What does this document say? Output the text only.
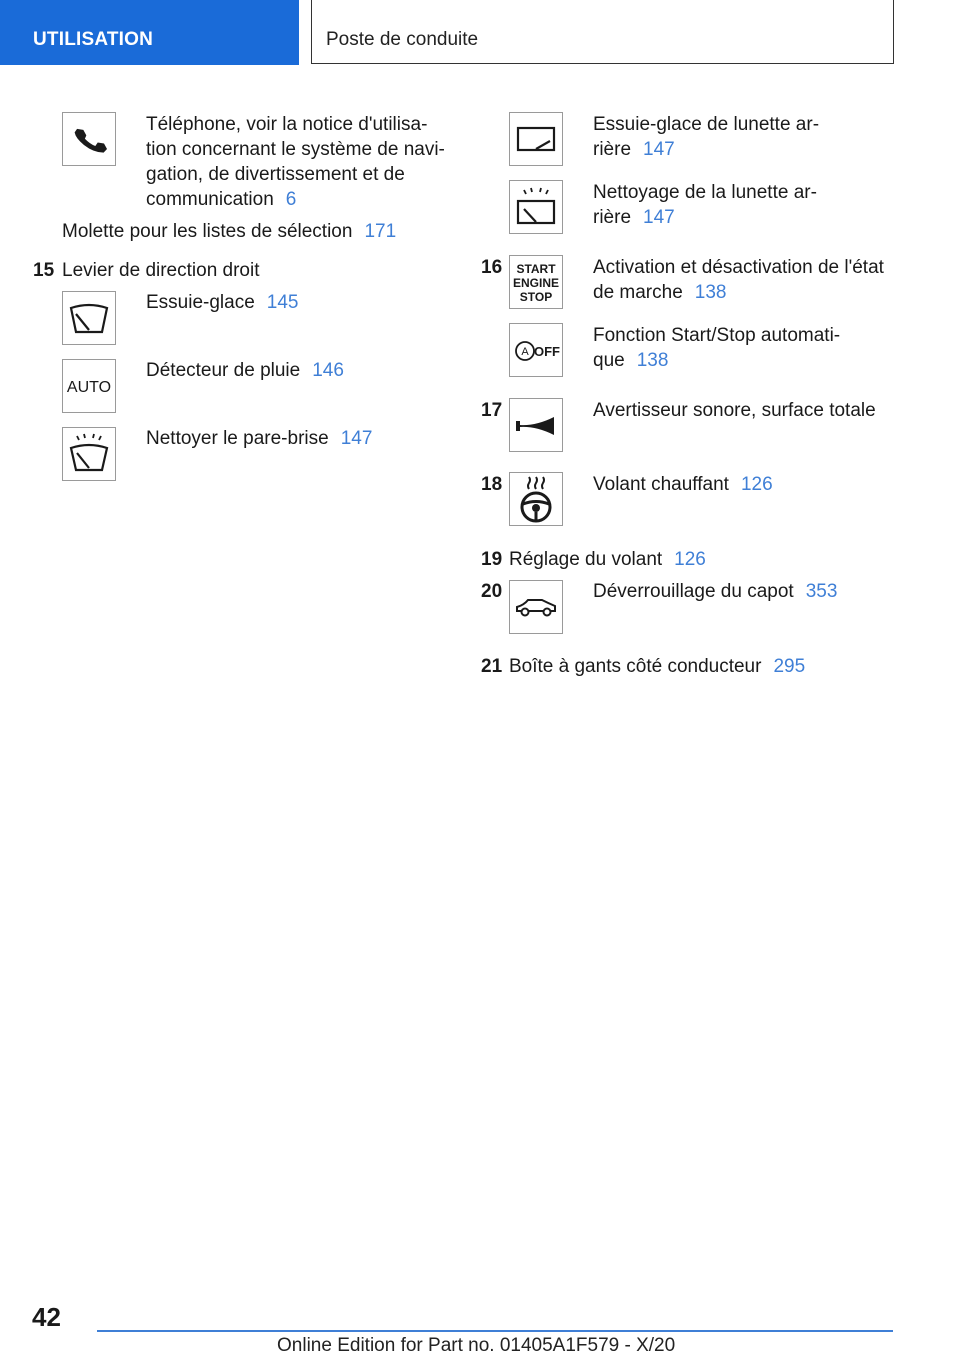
UTILISATION	Poste de conduite
Téléphone, voir la notice d'utilisa-
tion concernant le système de navi-
gation, de divertissement et de
communication 6
Molette pour les listes de sélection 171
15 Levier de direction droit
Essuie-glace 145
AUTO
Détecteur de pluie 146
Nettoyer le pare-brise 147
Essuie-glace de lunette ar-
rière 147
Nettoyage de la lunette ar-
rière 147
16 START
ENGINE
STOP
Activation et désactivation de l'état
de marche 138
A OFF
Fonction Start/Stop automati-
que 138
17	Avertisseur sonore, surface totale
18	Volant chauffant 126
19 Réglage du volant 126
20	Déverrouillage du capot 353
21 Boîte à gants côté conducteur 295
42
Online Edition for Part no. 01405A1F579 - X/20
